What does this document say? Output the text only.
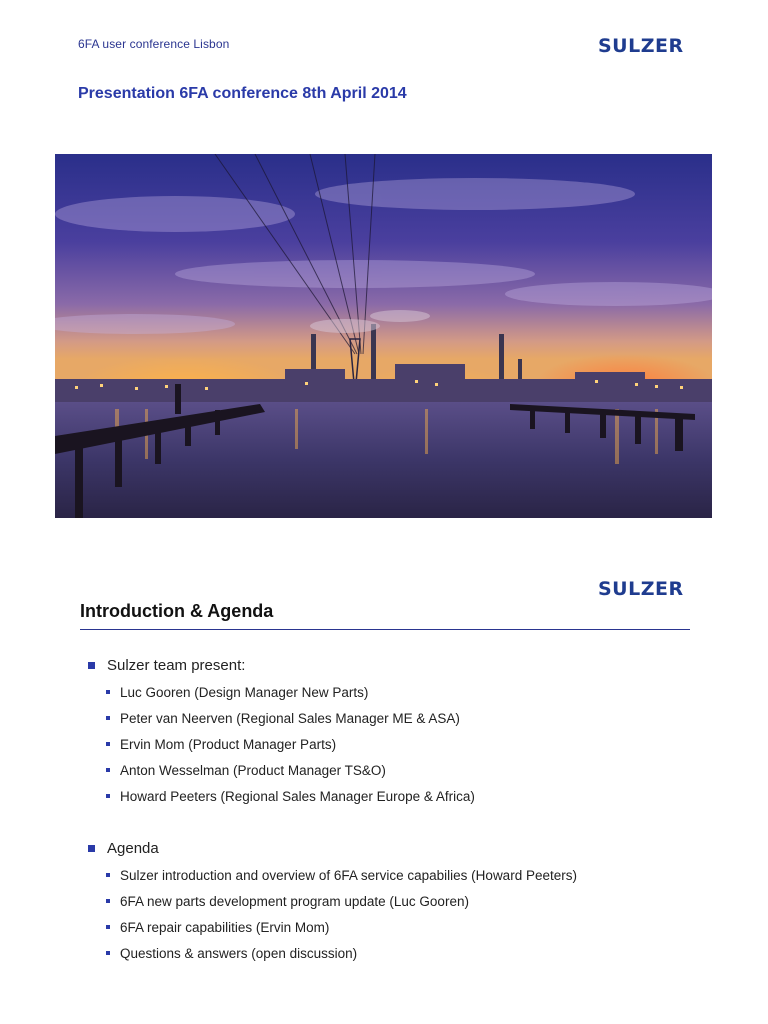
6FA user conference Lisbon	SULZER
Presentation 6FA conference 8th April 2014
SULZER
Introduction & Agenda
Sulzer team present:
Luc Gooren (Design Manager New Parts)
Peter van Neerven (Regional Sales Manager ME & ASA)
Ervin Mom (Product Manager Parts)
Anton Wesselman (Product Manager TS&O)
Howard Peeters (Regional Sales Manager Europe & Africa)
Agenda
Sulzer introduction and overview of 6FA service capabilies (Howard Peeters)
6FA new parts development program update (Luc Gooren)
6FA repair capabilities (Ervin Mom)
Questions & answers (open discussion)
